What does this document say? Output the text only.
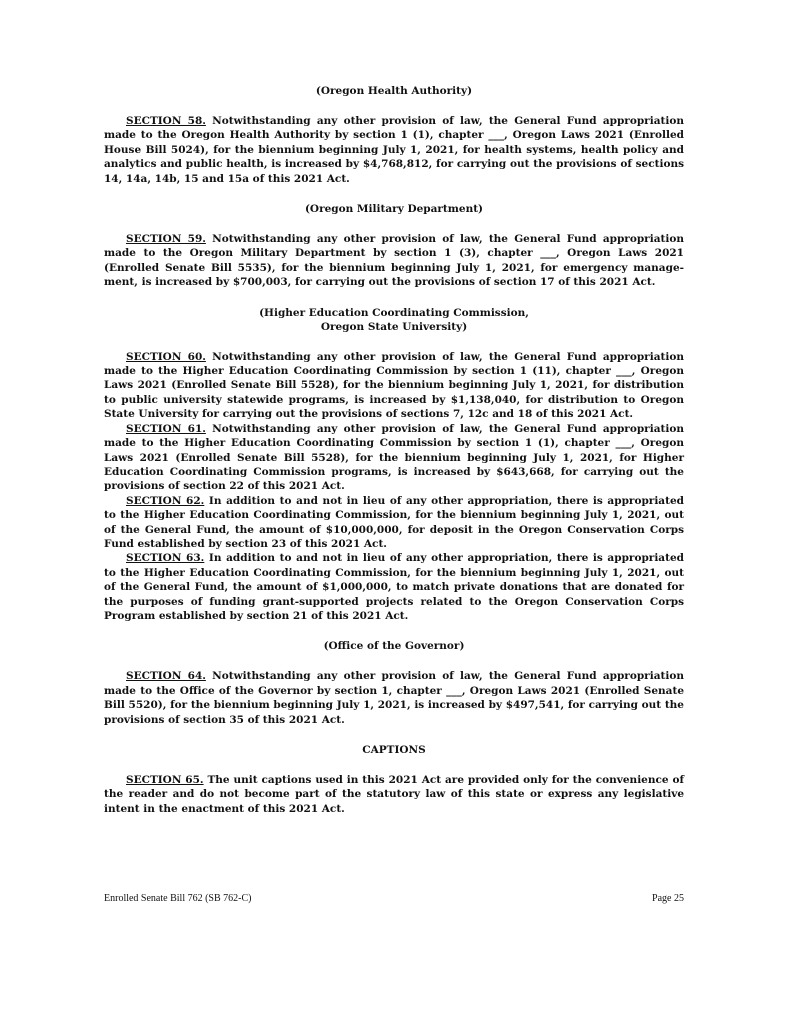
(Oregon Health Authority)

SECTION 58. Notwithstanding any other provision of law, the General Fund appropriation made to the Oregon Health Authority by section 1 (1), chapter ___, Oregon Laws 2021 (Enrolled House Bill 5024), for the biennium beginning July 1, 2021, for health systems, health policy and analytics and public health, is increased by $4,768,812, for carrying out the provisions of sections 14, 14a, 14b, 15 and 15a of this 2021 Act.

(Oregon Military Department)

SECTION 59. Notwithstanding any other provision of law, the General Fund appropriation made to the Oregon Military Department by section 1 (3), chapter ___, Oregon Laws 2021 (Enrolled Senate Bill 5535), for the biennium beginning July 1, 2021, for emergency management, is increased by $700,003, for carrying out the provisions of section 17 of this 2021 Act.

(Higher Education Coordinating Commission,
Oregon State University)

SECTION 60. Notwithstanding any other provision of law, the General Fund appropriation made to the Higher Education Coordinating Commission by section 1 (11), chapter ___, Oregon Laws 2021 (Enrolled Senate Bill 5528), for the biennium beginning July 1, 2021, for distribution to public university statewide programs, is increased by $1,138,040, for distribution to Oregon State University for carrying out the provisions of sections 7, 12c and 18 of this 2021 Act.

SECTION 61. Notwithstanding any other provision of law, the General Fund appropriation made to the Higher Education Coordinating Commission by section 1 (1), chapter ___, Oregon Laws 2021 (Enrolled Senate Bill 5528), for the biennium beginning July 1, 2021, for Higher Education Coordinating Commission programs, is increased by $643,668, for carrying out the provisions of section 22 of this 2021 Act.

SECTION 62. In addition to and not in lieu of any other appropriation, there is appropriated to the Higher Education Coordinating Commission, for the biennium beginning July 1, 2021, out of the General Fund, the amount of $10,000,000, for deposit in the Oregon Conservation Corps Fund established by section 23 of this 2021 Act.

SECTION 63. In addition to and not in lieu of any other appropriation, there is appropriated to the Higher Education Coordinating Commission, for the biennium beginning July 1, 2021, out of the General Fund, the amount of $1,000,000, to match private donations that are donated for the purposes of funding grant-supported projects related to the Oregon Conservation Corps Program established by section 21 of this 2021 Act.

(Office of the Governor)

SECTION 64. Notwithstanding any other provision of law, the General Fund appropriation made to the Office of the Governor by section 1, chapter ___, Oregon Laws 2021 (Enrolled Senate Bill 5520), for the biennium beginning July 1, 2021, is increased by $497,541, for carrying out the provisions of section 35 of this 2021 Act.

CAPTIONS

SECTION 65. The unit captions used in this 2021 Act are provided only for the convenience of the reader and do not become part of the statutory law of this state or express any legislative intent in the enactment of this 2021 Act.

Enrolled Senate Bill 762 (SB 762-C)	Page 25
